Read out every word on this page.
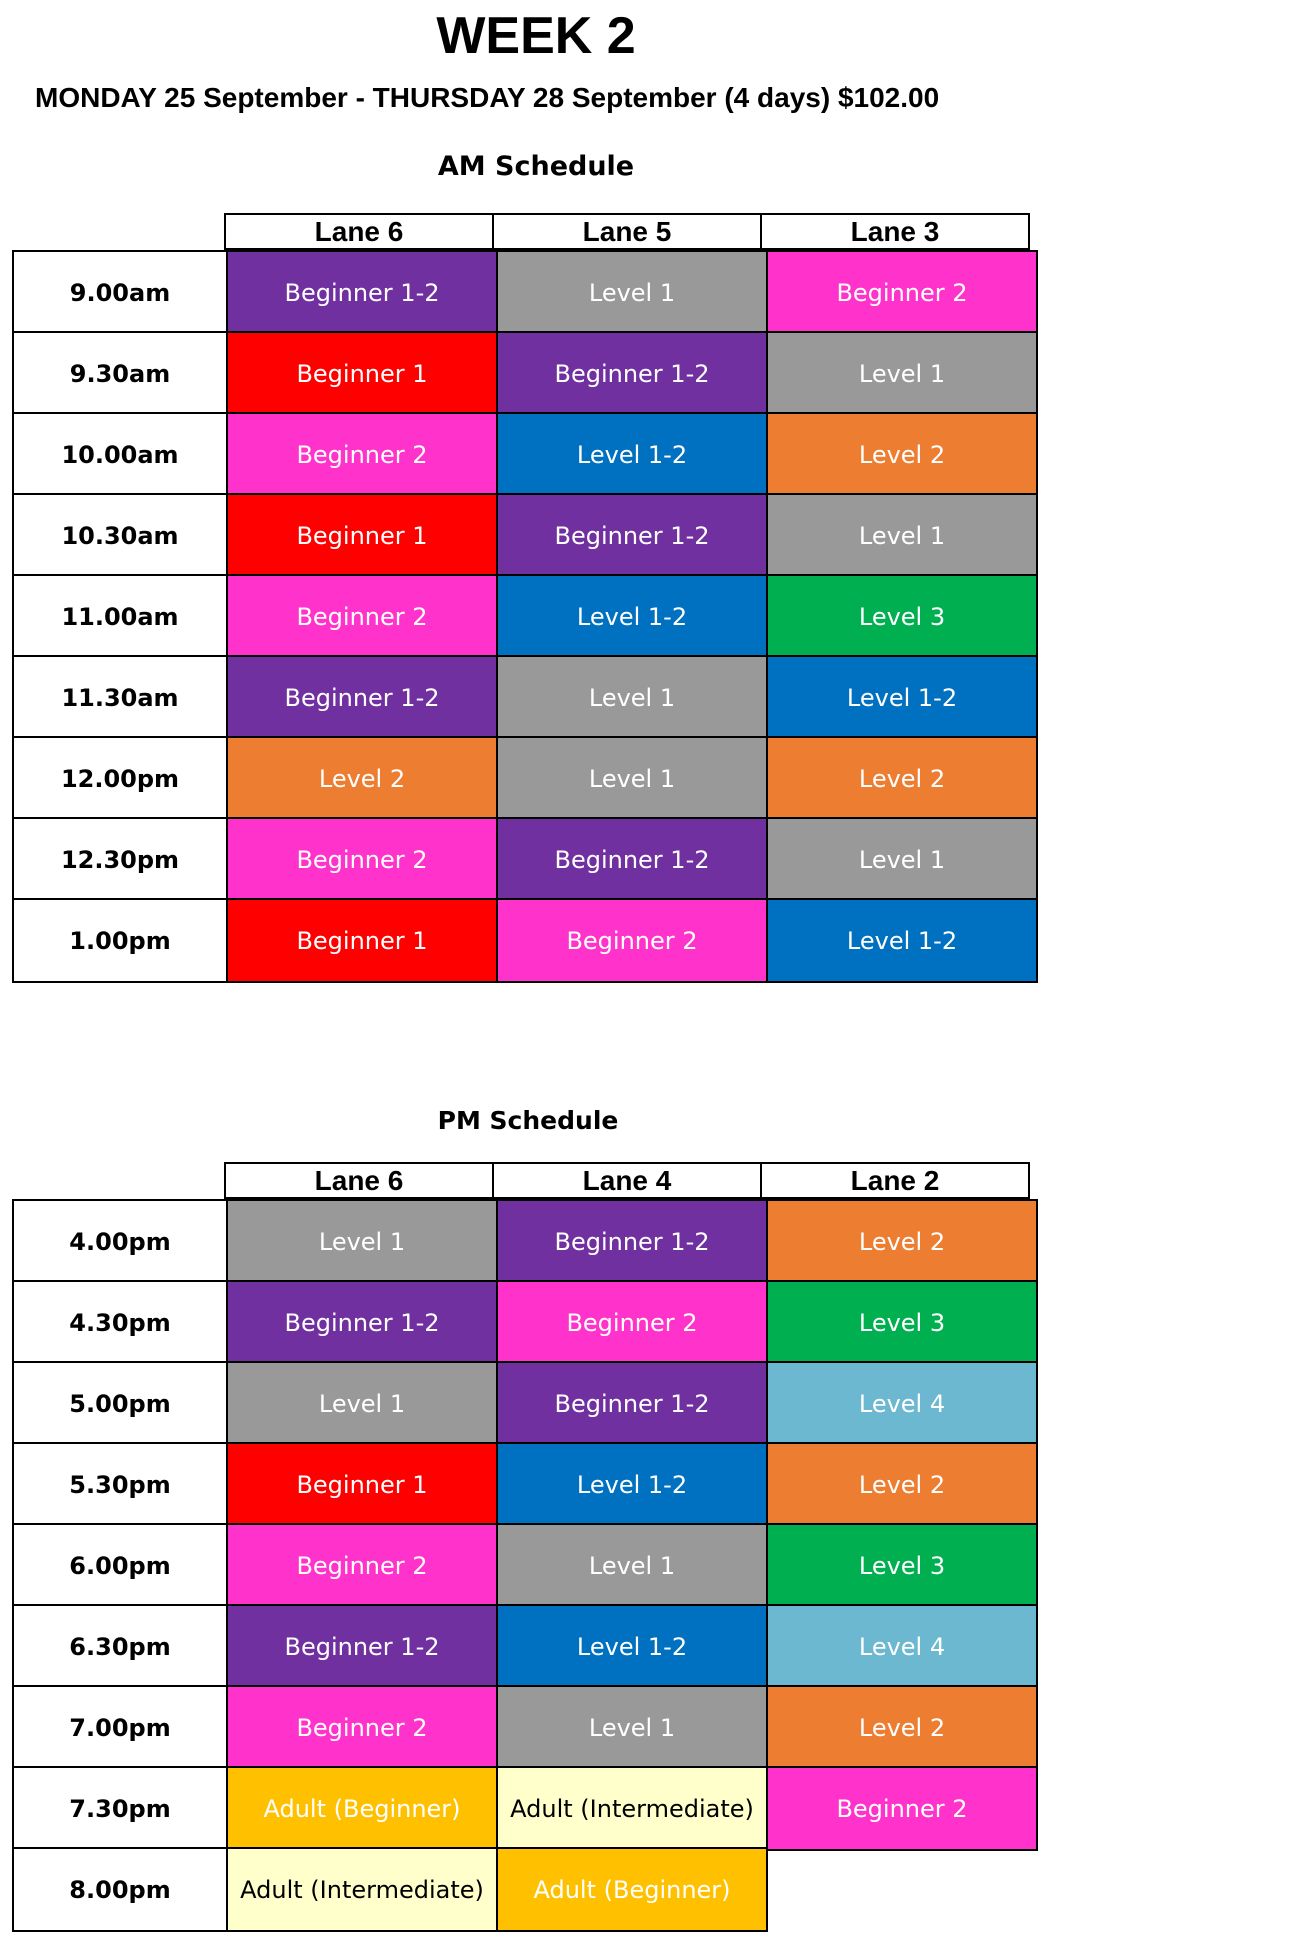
WEEK 2
MONDAY 25 September - THURSDAY 28 September (4 days) $102.00
AM Schedule
Lane 6	Lane 5	Lane 3
9.00am	Beginner 1-2	Level 1	Beginner 2
9.30am	Beginner 1	Beginner 1-2	Level 1
10.00am	Beginner 2	Level 1-2	Level 2
10.30am	Beginner 1	Beginner 1-2	Level 1
11.00am	Beginner 2	Level 1-2	Level 3
11.30am	Beginner 1-2	Level 1	Level 1-2
12.00pm	Level 2	Level 1	Level 2
12.30pm	Beginner 2	Beginner 1-2	Level 1
1.00pm	Beginner 1	Beginner 2	Level 1-2
PM Schedule
Lane 6	Lane 4	Lane 2
4.00pm	Level 1	Beginner 1-2	Level 2
4.30pm	Beginner 1-2	Beginner 2	Level 3
5.00pm	Level 1	Beginner 1-2	Level 4
5.30pm	Beginner 1	Level 1-2	Level 2
6.00pm	Beginner 2	Level 1	Level 3
6.30pm	Beginner 1-2	Level 1-2	Level 4
7.00pm	Beginner 2	Level 1	Level 2
7.30pm	Adult (Beginner)	Adult (Intermediate)	Beginner 2
8.00pm	Adult (Intermediate)	Adult (Beginner)
